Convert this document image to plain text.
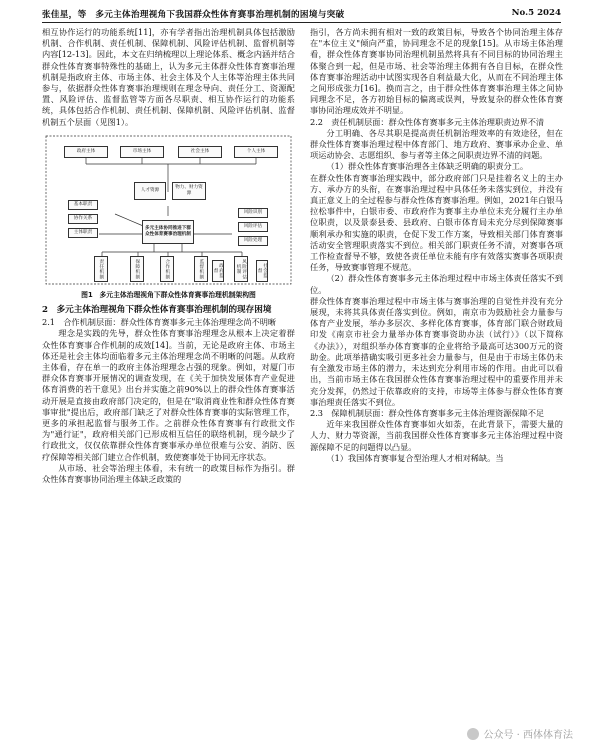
张佳星，等　多元主体治理视角下我国群众性体育赛事治理机制的困境与突破	No.5 2024

相互协作运行的功能系统[11]，亦有学者指出治理机制具体包括激励机制、合作机制、责任机制、保障机制、风险评估机制、监督机制等内容[12-13]。因此，本文在归纳梳理以上理论体系、概念内涵并结合群众性体育赛事特殊性的基础上，认为多元主体群众性体育赛事治理机制是指政府主体、市场主体、社会主体及个人主体等治理主体共同参与，依据群众性体育赛事治理规则在理念导向、责任分工、资源配置、风险评估、监督监管等方面各尽职责、相互协作运行的功能系统，具体包括合作机制、责任机制、保障机制、风险评估机制、监督机制五个层面（见图1）。

政府主体	市场主体	社会主体	个人主体
人才资源
物力、财力资源
多元主体协同推进下群众性体育赛事治理机制
基本职责
协作关系
主体职责
风险识别
风险评估
风险处理
责任机制	保障机制	合作机制	监督机制	风险评估机制
政府监督	社会监督
图1　多元主体治理视角下群众性体育赛事治理机制架构图
2　多元主体治理视角下群众性体育赛事治理机制的现存困境
2.1　合作机制层面：群众性体育赛事多元主体治理理念尚不明晰

理念是实践的先导，群众性体育赛事治理理念从根本上决定着群众性体育赛事合作机制的成效[14]。当前，无论是政府主体、市场主体还是社会主体均面临着多元主体治理理念尚不明晰的问题。从政府主体看，存在单一的政府主体治理理念占强的现象。例如，对厦门市群众体育赛事开展情况的调查发现，在《关于加快发展体育产业促进体育消费的若干意见》出台并实施之前90%以上的群众性体育赛事活动开展是直接由政府部门决定的，但是在"取消商业性和群众性体育赛事审批"提出后，政府部门缺乏了对群众性体育赛事的实际管理工作，更多的承担起监督与服务工作。之前群众性体育赛事有行政批文作为"通行证"，政府相关部门已形成相互信任的联络机制，现今缺少了行政批文，仅仅依靠群众性体育赛事承办单位很难与公安、消防、医疗保障等相关部门建立合作机制，致使赛事处于协同无序状态。

从市场、社会等治理主体看，未有统一的政策目标作为指引。群众性体育赛事协同治理主体缺乏政策的

指引，各方尚未拥有相对一致的政策目标，导致各个协同治理主体存在"本位主义"倾向严重，协同理念不足的现象[15]。从市场主体治理看，群众性体育赛事协同治理机制虽然将具有不同目标的协同治理主体聚合到一起，但是市场、社会等治理主体拥有各自目标，在群众性体育赛事治理活动中试图实现各自利益最大化，从而在不同治理主体之间形成张力[16]。换而言之，由于群众性体育赛事治理主体之间协同理念不足，各方初始目标的偏离或误判，导致复杂的群众性体育赛事协同治理成效并不明显。

2.2　责任机制层面：群众性体育赛事多元主体治理职责边界不清

分工明确、各尽其职是提高责任机制治理效率的有效途径，但在群众性体育赛事治理过程中体育部门、地方政府、赛事承办企业、单项运动协会、志愿组织、参与者等主体之间职责边界不清的问题。

（1）群众性体育赛事治理各主体缺乏明确的职责分工。

在群众性体育赛事治理实践中，部分政府部门只是挂着名义上的主办方、承办方的头衔，在赛事治理过程中具体任务未落实到位，并没有真正意义上的全过程参与群众性体育赛事治理。例如，2021年白银马拉松事件中，白银市委、市政府作为赛事主办单位未充分履行主办单位职责，以及景泰县委、县政府、白银市体育局未充分尽到保障赛事顺利承办和实施的职责，仓促下发工作方案，导致相关部门体育赛事活动安全管理职责落实不到位。相关部门职责任务不清，对赛事各项工作检查督导不够，致使各责任单位未能有序有效落实赛事各项职责任务，导致赛事管理不规范。

（2）群众性体育赛事多元主体治理过程中市场主体责任落实不到位。

群众性体育赛事治理过程中市场主体与赛事治理的自觉性并没有充分展现，未将其具体责任落实到位。例如，南京市为鼓励社会力量参与体育产业发展，举办多层次、多样化体育赛事，体育部门联合财政局印发《南京市社会力量举办体育赛事资助办法（试行）》（以下简称《办法》），对组织举办体育赛事的企业将给予最高可达300万元的资助金。此项举措确实吸引更多社会力量参与，但是由于市场主体仍未有全激发市场主体的潜力，未达到充分利用市场的作用。由此可以看出，当前市场主体在我国群众性体育赛事治理过程中的重要作用并未充分发挥，仍然过于依靠政府的支持，市场等主体参与群众性体育赛事治理责任落实不到位。

2.3　保障机制层面：群众性体育赛事多元主体治理资源保障不足

近年来我国群众性体育赛事如火如荼，在此背景下，需要大量的人力、财力等资源，当前我国群众性体育赛事多元主体治理过程中资源保障不足的问题得以凸显。

（1）我国体育赛事复合型治理人才相对稀缺。当

公众号 · 西体体育法
